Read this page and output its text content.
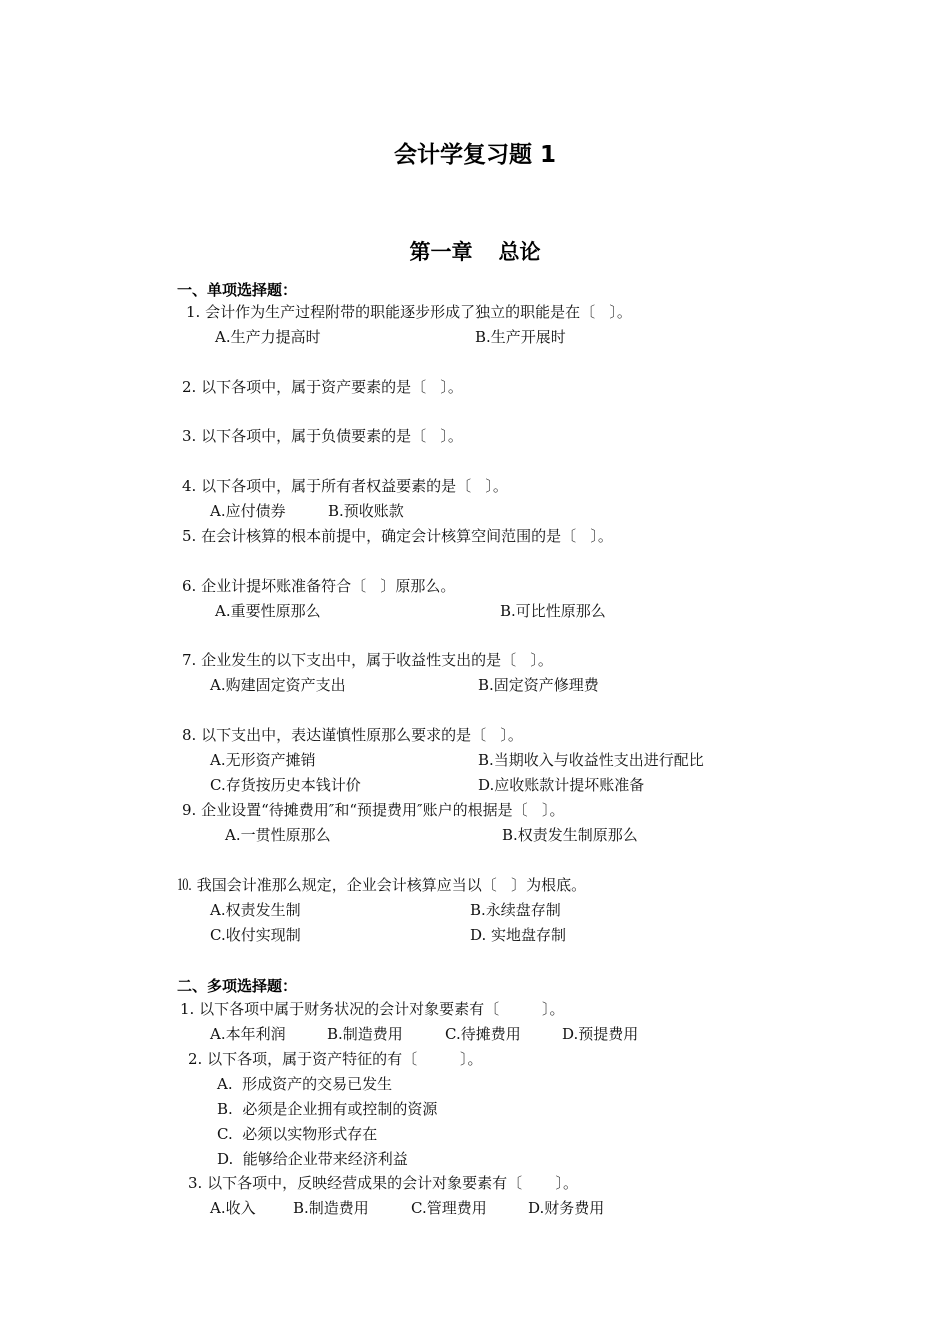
会计学复习题 1
第一章 总论
一、单项选择题：
1. 会计作为生产过程附带的职能逐步形成了独立的职能是在〔   〕。
A.生产力提高时	B.生产开展时
2. 以下各项中，属于资产要素的是〔   〕。
3. 以下各项中，属于负债要素的是〔   〕。
4. 以下各项中，属于所有者权益要素的是〔   〕。
A.应付债券	B.预收账款
5. 在会计核算的根本前提中，确定会计核算空间范围的是〔   〕。
6. 企业计提坏账准备符合〔   〕原那么。
A.重要性原那么	B.可比性原那么
7. 企业发生的以下支出中，属于收益性支出的是〔   〕。
A.购建固定资产支出	B.固定资产修理费
8. 以下支出中，表达谨慎性原那么要求的是〔   〕。
A.无形资产摊销	B.当期收入与收益性支出进行配比
C.存货按历史本钱计价	D.应收账款计提坏账准备
9. 企业设置“待摊费用″和“预提费用″账户的根据是〔   〕。
A.一贯性原那么	B.权责发生制原那么
⒑ 我国会计准那么规定，企业会计核算应当以〔   〕为根底。
A.权责发生制	B.永续盘存制
C.收付实现制	D. 实地盘存制
二、多项选择题：
1. 以下各项中属于财务状况的会计对象要素有〔         〕。
A.本年利润	B.制造费用	C.待摊费用	D.预提费用
2. 以下各项，属于资产特征的有〔         〕。
A.  形成资产的交易已发生
B.  必须是企业拥有或控制的资源
C.  必须以实物形式存在
D.  能够给企业带来经济利益
3. 以下各项中，反映经营成果的会计对象要素有〔       〕。
A.收入 B.制造费用	C.管理费用	D.财务费用
